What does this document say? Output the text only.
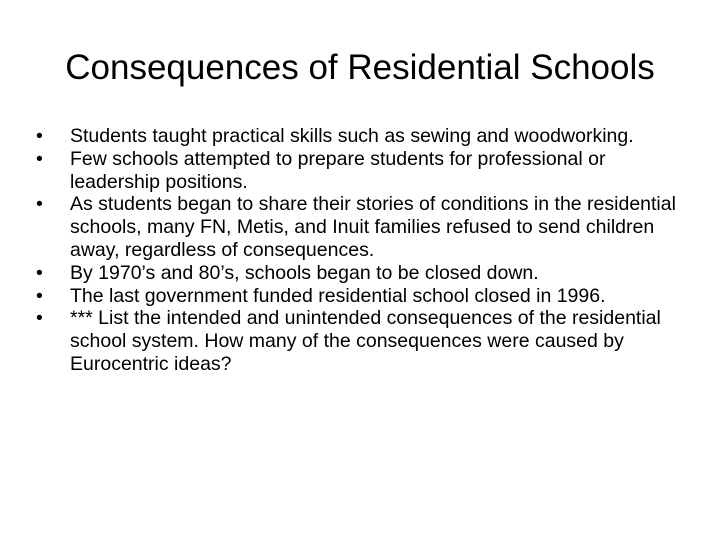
Consequences of Residential Schools
•	Students taught practical skills such as sewing and woodworking.
•	Few schools attempted to prepare students for professional or leadership positions.
•	As students began to share their stories of conditions in the residential schools, many FN, Metis, and Inuit families refused to send children away, regardless of consequences.
•	By 1970’s and 80’s, schools began to be closed down.
•	The last government funded residential school closed in 1996.
•	*** List the intended and unintended consequences of the residential school system. How many of the consequences were caused by Eurocentric ideas?
